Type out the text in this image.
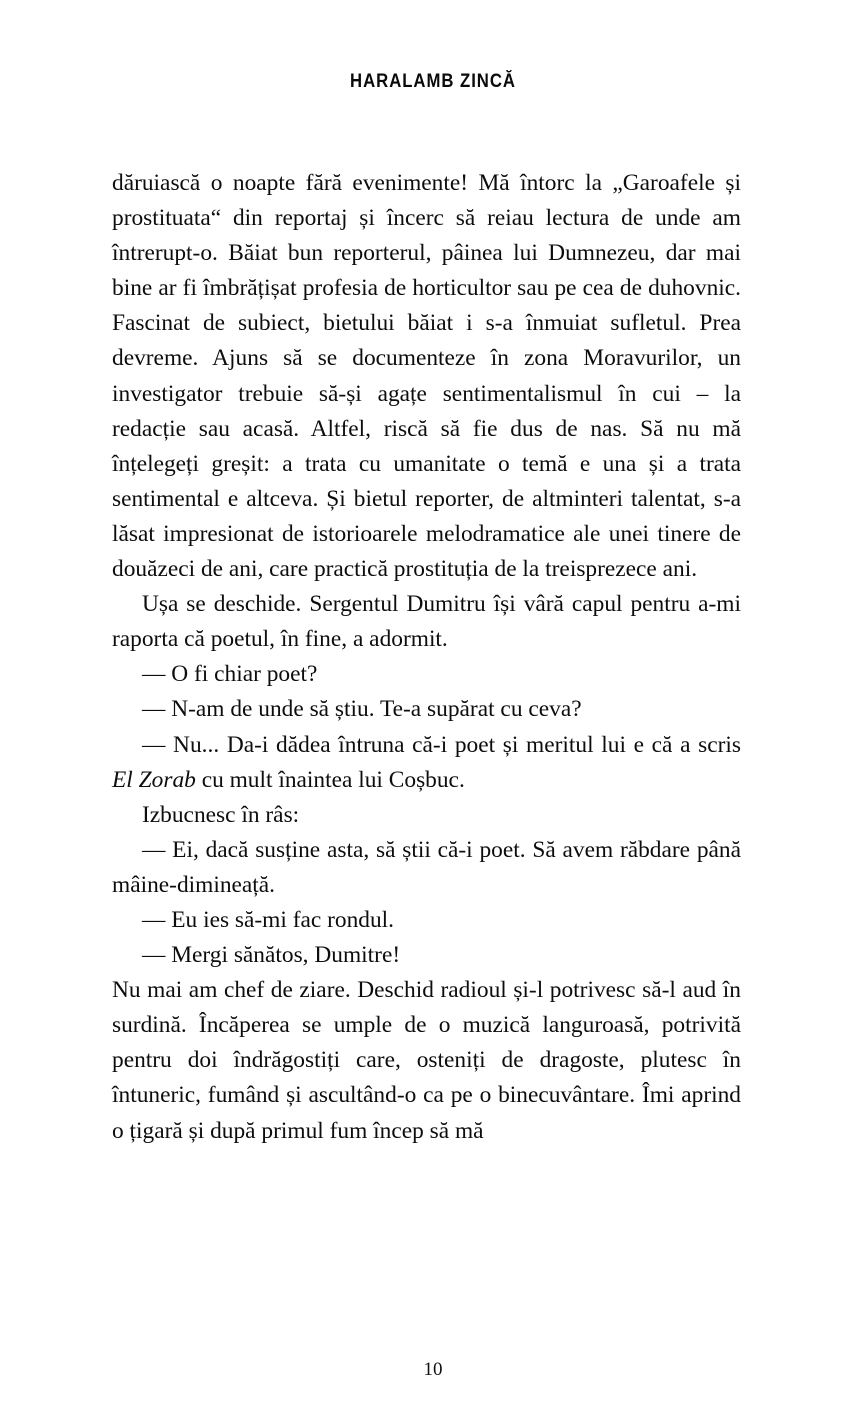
HARALAMB ZINCĂ

dăruiască o noapte fără evenimente! Mă întorc la „Garoafele și prostituata“ din reportaj și încerc să reiau lectura de unde am întrerupt-o. Băiat bun reporterul, pâinea lui Dumnezeu, dar mai bine ar fi îmbrățișat profesia de horticultor sau pe cea de duhovnic. Fascinat de subiect, bietului băiat i s-a înmuiat sufletul. Prea devreme. Ajuns să se documenteze în zona Moravurilor, un investigator trebuie să-și agațe sentimentalismul în cui – la redacție sau acasă. Altfel, riscă să fie dus de nas. Să nu mă înțelegeți greșit: a trata cu umanitate o temă e una și a trata sentimental e altceva. Și bietul reporter, de altminteri talentat, s-a lăsat impresionat de istorioarele melodramatice ale unei tinere de douăzeci de ani, care practică prostituția de la treisprezece ani.

Ușa se deschide. Sergentul Dumitru își vâră capul pentru a-mi raporta că poetul, în fine, a adormit.

— O fi chiar poet?

— N-am de unde să știu. Te-a supărat cu ceva?

— Nu... Da-i dădea întruna că-i poet și meritul lui e că a scris El Zorab cu mult înaintea lui Coșbuc.

Izbucnesc în râs:

— Ei, dacă susține asta, să știi că-i poet. Să avem răbdare până mâine-dimineață.

— Eu ies să-mi fac rondul.

— Mergi sănătos, Dumitre!

Nu mai am chef de ziare. Deschid radioul și-l potrivesc să-l aud în surdină. Încăperea se umple de o muzică languroasă, potrivită pentru doi îndrăgostiți care, osteniți de dragoste, plutesc în întuneric, fumând și ascultând-o ca pe o binecuvântare. Îmi aprind o țigară și după primul fum încep să mă

10
